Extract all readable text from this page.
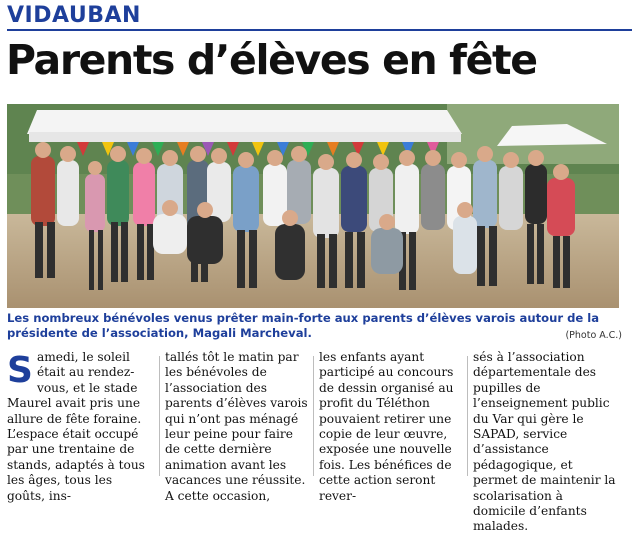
VIDAUBAN
Parents d’élèves en fête
Les nombreux bénévoles venus prêter main-forte aux parents d’élèves varois autour de la présidente de l’association, Magali Marcheval.	(Photo A.C.)
S amedi, le soleil était au rendez-vous, et le stade Maurel avait pris une allure de fête foraine. L’espace était occupé par une trentaine de stands, adaptés à tous les âges, tous les goûts, ins-

tallés tôt le matin par les bénévoles de l’association des parents d’élèves varois qui n’ont pas ménagé leur peine pour faire de cette dernière animation avant les vacances une réussite. A cette occasion,

les enfants ayant participé au concours de dessin organisé au profit du Téléthon pouvaient retirer une copie de leur œuvre, exposée une nouvelle fois. Les bénéfices de cette action seront rever-

sés à l’association départementale des pupilles de l’enseignement public du Var qui gère le SAPAD, service d’assistance pédagogique, et permet de maintenir la scolarisation à domicile d’enfants malades.
